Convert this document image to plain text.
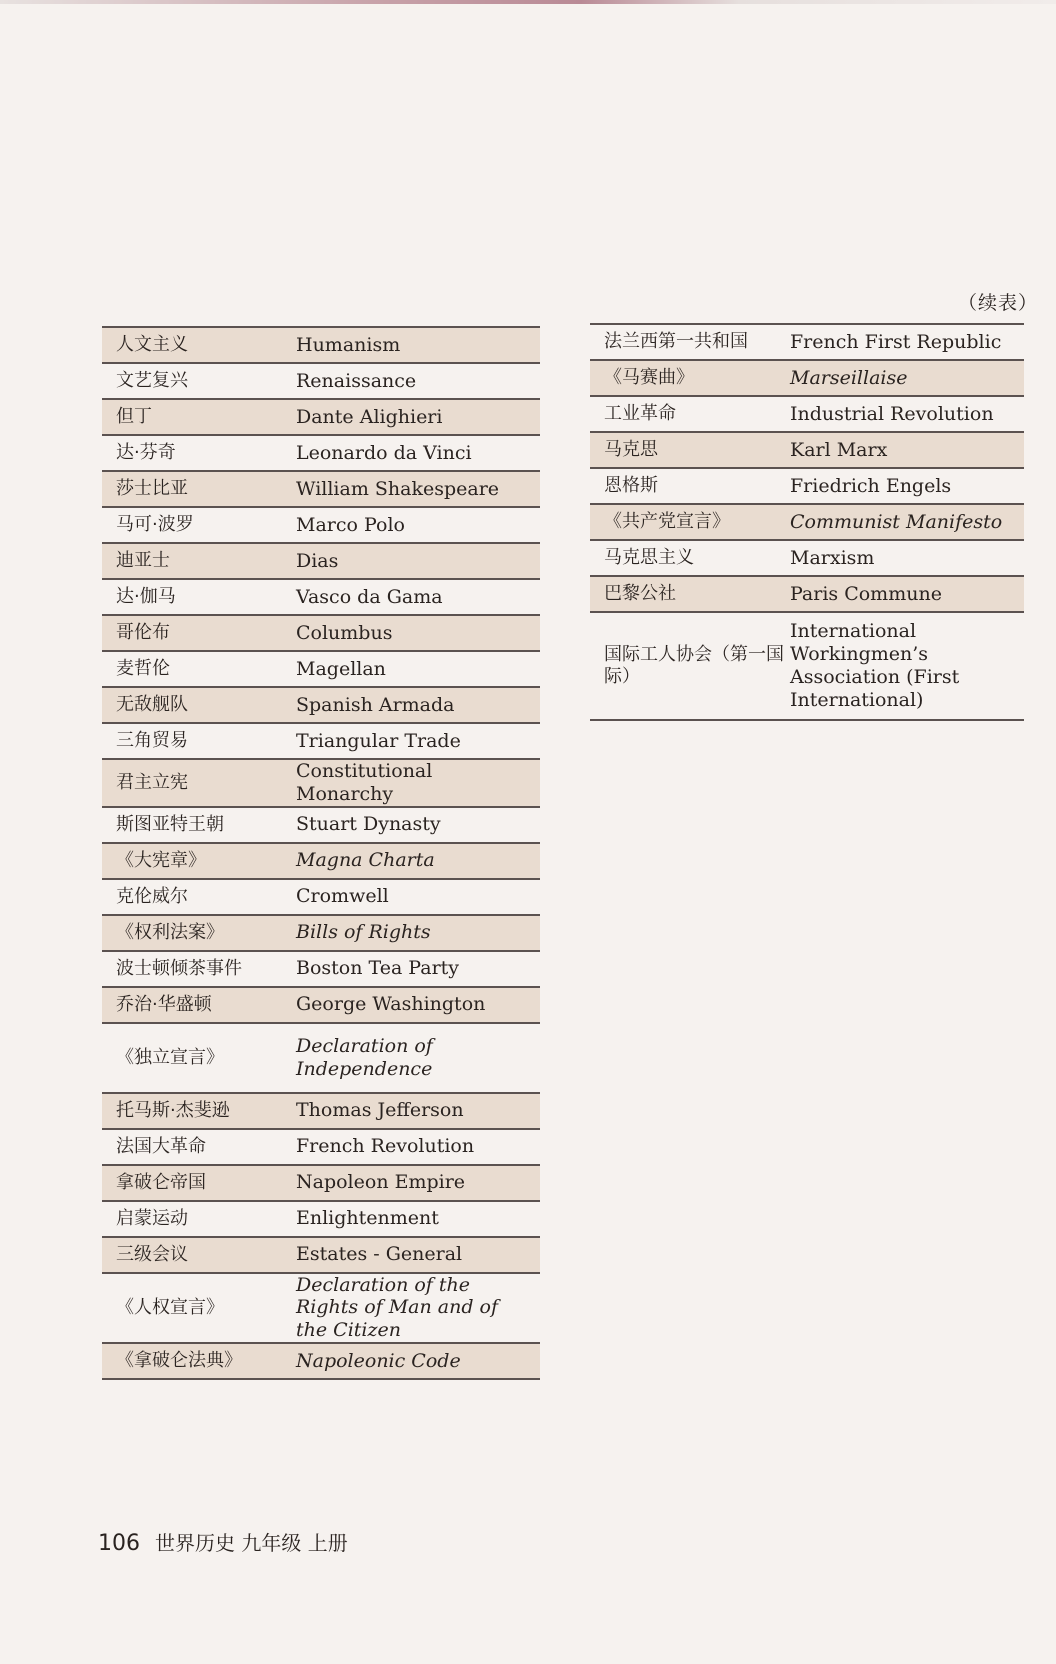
（续表）
人文主义	Humanism
文艺复兴	Renaissance
但丁	Dante Alighieri
达·芬奇	Leonardo da Vinci
莎士比亚	William Shakespeare
马可·波罗	Marco Polo
迪亚士	Dias
达·伽马	Vasco da Gama
哥伦布	Columbus
麦哲伦	Magellan
无敌舰队	Spanish Armada
三角贸易	Triangular Trade
君主立宪	Constitutional Monarchy
斯图亚特王朝	Stuart Dynasty
《大宪章》	Magna Charta
克伦威尔	Cromwell
《权利法案》	Bills of Rights
波士顿倾茶事件	Boston Tea Party
乔治·华盛顿	George Washington
《独立宣言》	Declaration of Independence
托马斯·杰斐逊	Thomas Jefferson
法国大革命	French Revolution
拿破仑帝国	Napoleon Empire
启蒙运动	Enlightenment
三级会议	Estates - General
《人权宣言》	Declaration of the Rights of Man and of the Citizen
《拿破仑法典》	Napoleonic Code
法兰西第一共和国	French First Republic
《马赛曲》	Marseillaise
工业革命	Industrial Revolution
马克思	Karl Marx
恩格斯	Friedrich Engels
《共产党宣言》	Communist Manifesto
马克思主义	Marxism
巴黎公社	Paris Commune
国际工人协会（第一国际）	International Workingmen’s Association (First International)
106 世界历史 九年级 上册
